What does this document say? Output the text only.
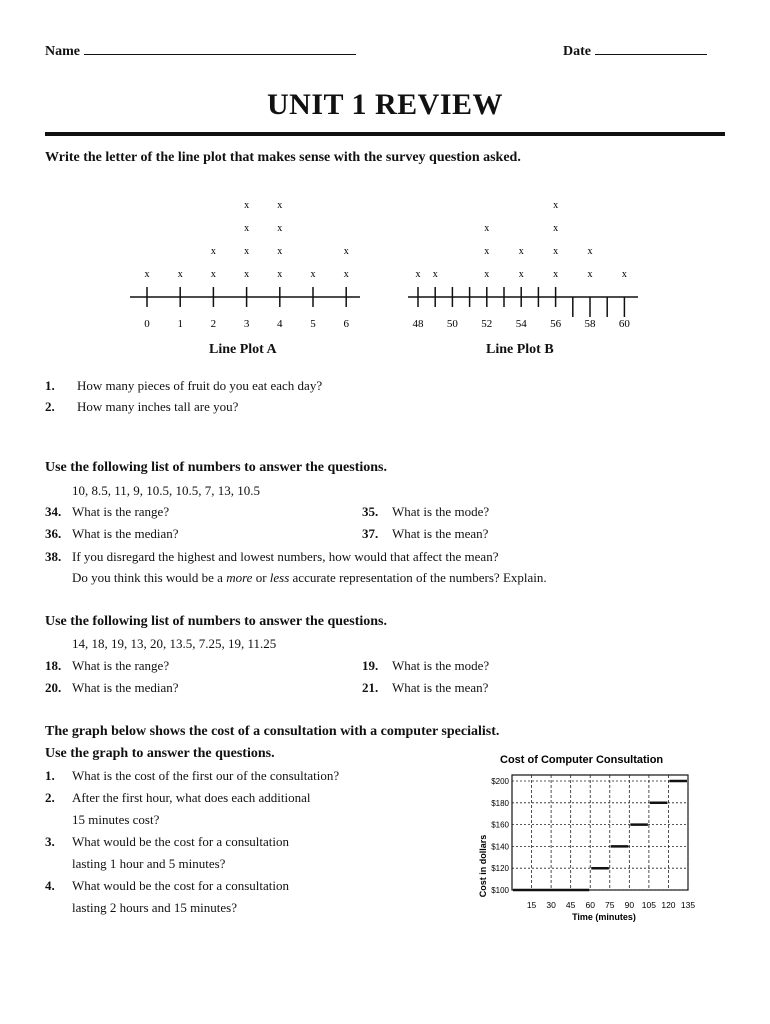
Name	Date
UNIT 1 REVIEW
Write the letter of the line plot that makes sense with the survey question asked.
0
x
1
x
2
x
x
3
x
x
x
x
4
x
x
x
x
5
x
6
x
x
Line Plot A
48 50 52 54 56 58 60
x x	x
x
x
x
x
x
x
x
x
x
x
x
Line Plot B
1. How many pieces of fruit do you eat each day?
2. How many inches tall are you?
Use the following list of numbers to answer the questions.
10, 8.5, 11, 9, 10.5, 10.5, 7, 13, 10.5
34. What is the range?	35. What is the mode?
36. What is the median?	37. What is the mean?
38. If you disregard the highest and lowest numbers, how would that affect the mean?
Do you think this would be a more or less accurate representation of the numbers? Explain.
Use the following list of numbers to answer the questions.
14, 18, 19, 13, 20, 13.5, 7.25, 19, 11.25
18. What is the range?	19. What is the mode?
20. What is the median?	21. What is the mean?
The graph below shows the cost of a consultation with a computer specialist.
Use the graph to answer the questions.
1. What is the cost of the first our of the consultation?
2. After the first hour, what does each additional
15 minutes cost?
3. What would be the cost for a consultation
lasting 1 hour and 5 minutes?
4. What would be the cost for a consultation
lasting 2 hours and 15 minutes?
Cost of Computer Consultation
Cost in dollars
Time (minutes)
$100
$120
$140
$160
$180
$200
15 30 45 60 75 90 105 120 135
